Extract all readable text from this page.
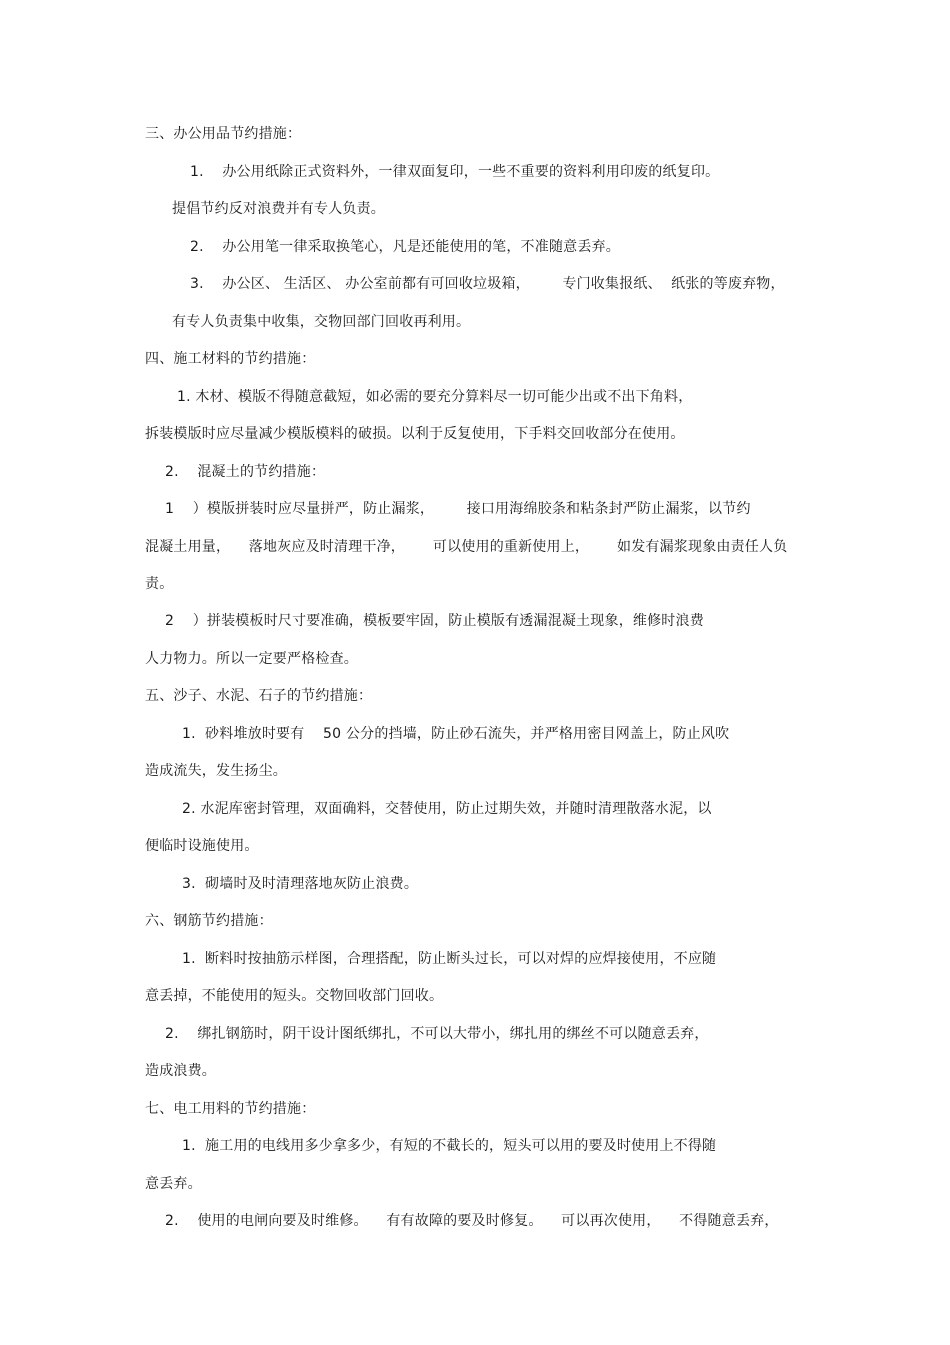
三、办公用品节约措施：
1.    办公用纸除正式资料外，一律双面复印，一些不重要的资料利用印废的纸复印。
提倡节约反对浪费并有专人负责。
2.    办公用笔一律采取换笔心，凡是还能使用的笔，不准随意丢弃。
3.    办公区、 生活区、 办公室前都有可回收垃圾箱，       专门收集报纸、  纸张的等废弃物，
有专人负责集中收集，交物回部门回收再利用。
四、施工材料的节约措施：
1. 木材、模版不得随意截短，如必需的要充分算料尽一切可能少出或不出下角料，
拆装模版时应尽量减少模版模料的破损。以利于反复使用，下手料交回收部分在使用。
2.    混凝土的节约措施：
1    ）模版拼装时应尽量拼严，防止漏浆，       接口用海绵胶条和粘条封严防止漏浆，以节约
混凝土用量，    落地灰应及时清理干净，      可以使用的重新使用上，      如发有漏浆现象由责任人负
责。
2    ）拼装模板时尺寸要准确，模板要牢固，防止模版有透漏混凝土现象，维修时浪费
人力物力。所以一定要严格检查。
五、沙子、水泥、石子的节约措施：
1.  砂料堆放时要有    50 公分的挡墙，防止砂石流失，并严格用密目网盖上，防止风吹
造成流失，发生扬尘。
2. 水泥库密封管理，双面确料，交替使用，防止过期失效，并随时清理散落水泥，以
便临时设施使用。
3.  砌墙时及时清理落地灰防止浪费。
六、钢筋节约措施：
1.  断料时按抽筋示样图，合理搭配，防止断头过长，可以对焊的应焊接使用，不应随
意丢掉，不能使用的短头。交物回收部门回收。
2.    绑扎钢筋时，阴干设计图纸绑扎，不可以大带小，绑扎用的绑丝不可以随意丢弃，
造成浪费。
七、电工用料的节约措施：
1.  施工用的电线用多少拿多少，有短的不截长的，短头可以用的要及时使用上不得随
意丢弃。
2.    使用的电闸向要及时维修。    有有故障的要及时修复。    可以再次使用，    不得随意丢弃，
